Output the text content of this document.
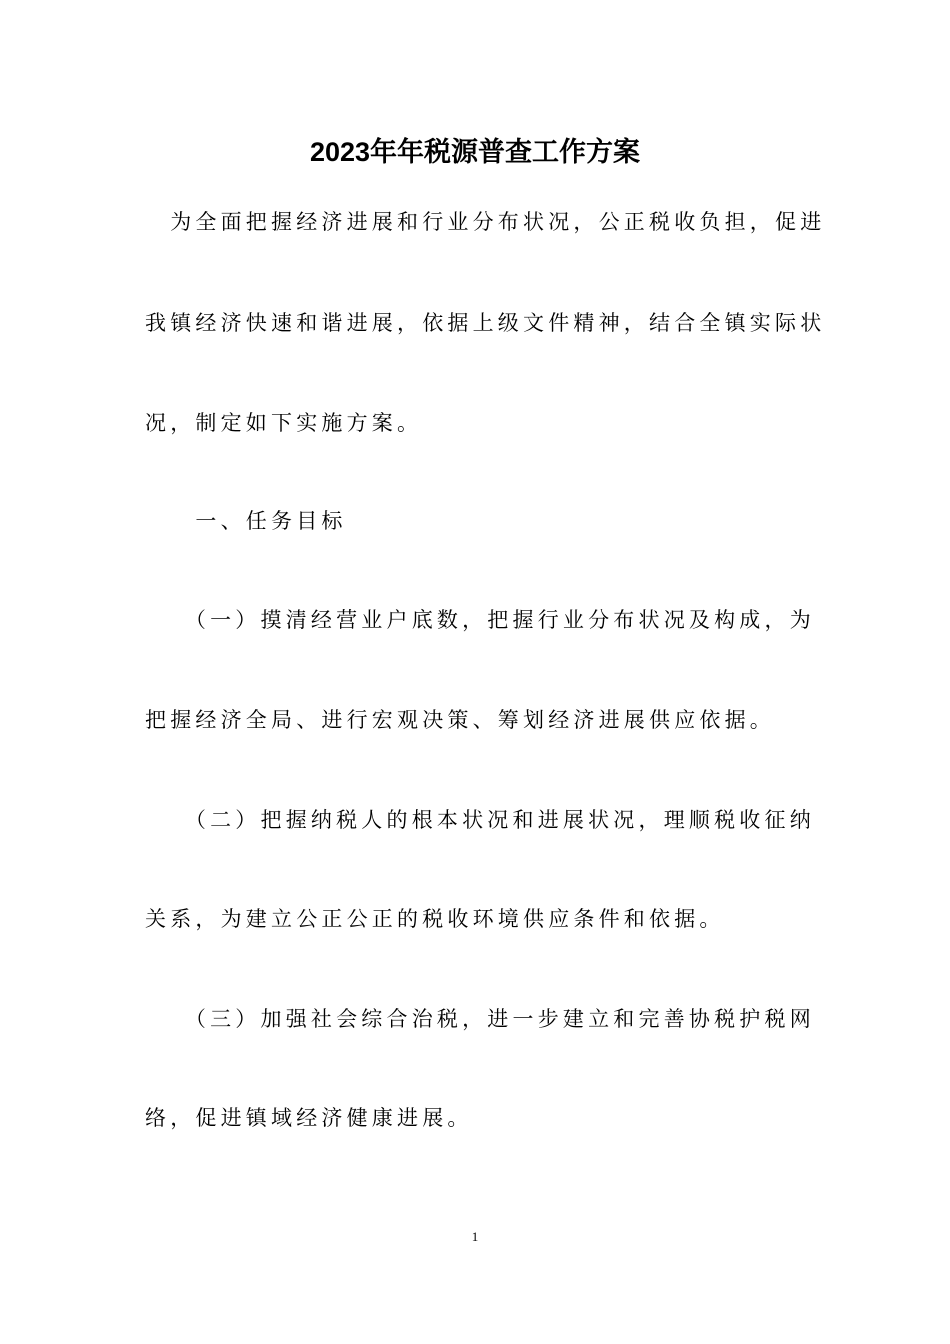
2023年年税源普查工作方案

　为全面把握经济进展和行业分布状况，公正税收负担，促进

我镇经济快速和谐进展，依据上级文件精神，结合全镇实际状

况，制定如下实施方案。

　　一、任务目标

　　（一）摸清经营业户底数，把握行业分布状况及构成，为

把握经济全局、进行宏观决策、筹划经济进展供应依据。

　　（二）把握纳税人的根本状况和进展状况，理顺税收征纳

关系，为建立公正公正的税收环境供应条件和依据。

　　（三）加强社会综合治税，进一步建立和完善协税护税网

络，促进镇域经济健康进展。

1
